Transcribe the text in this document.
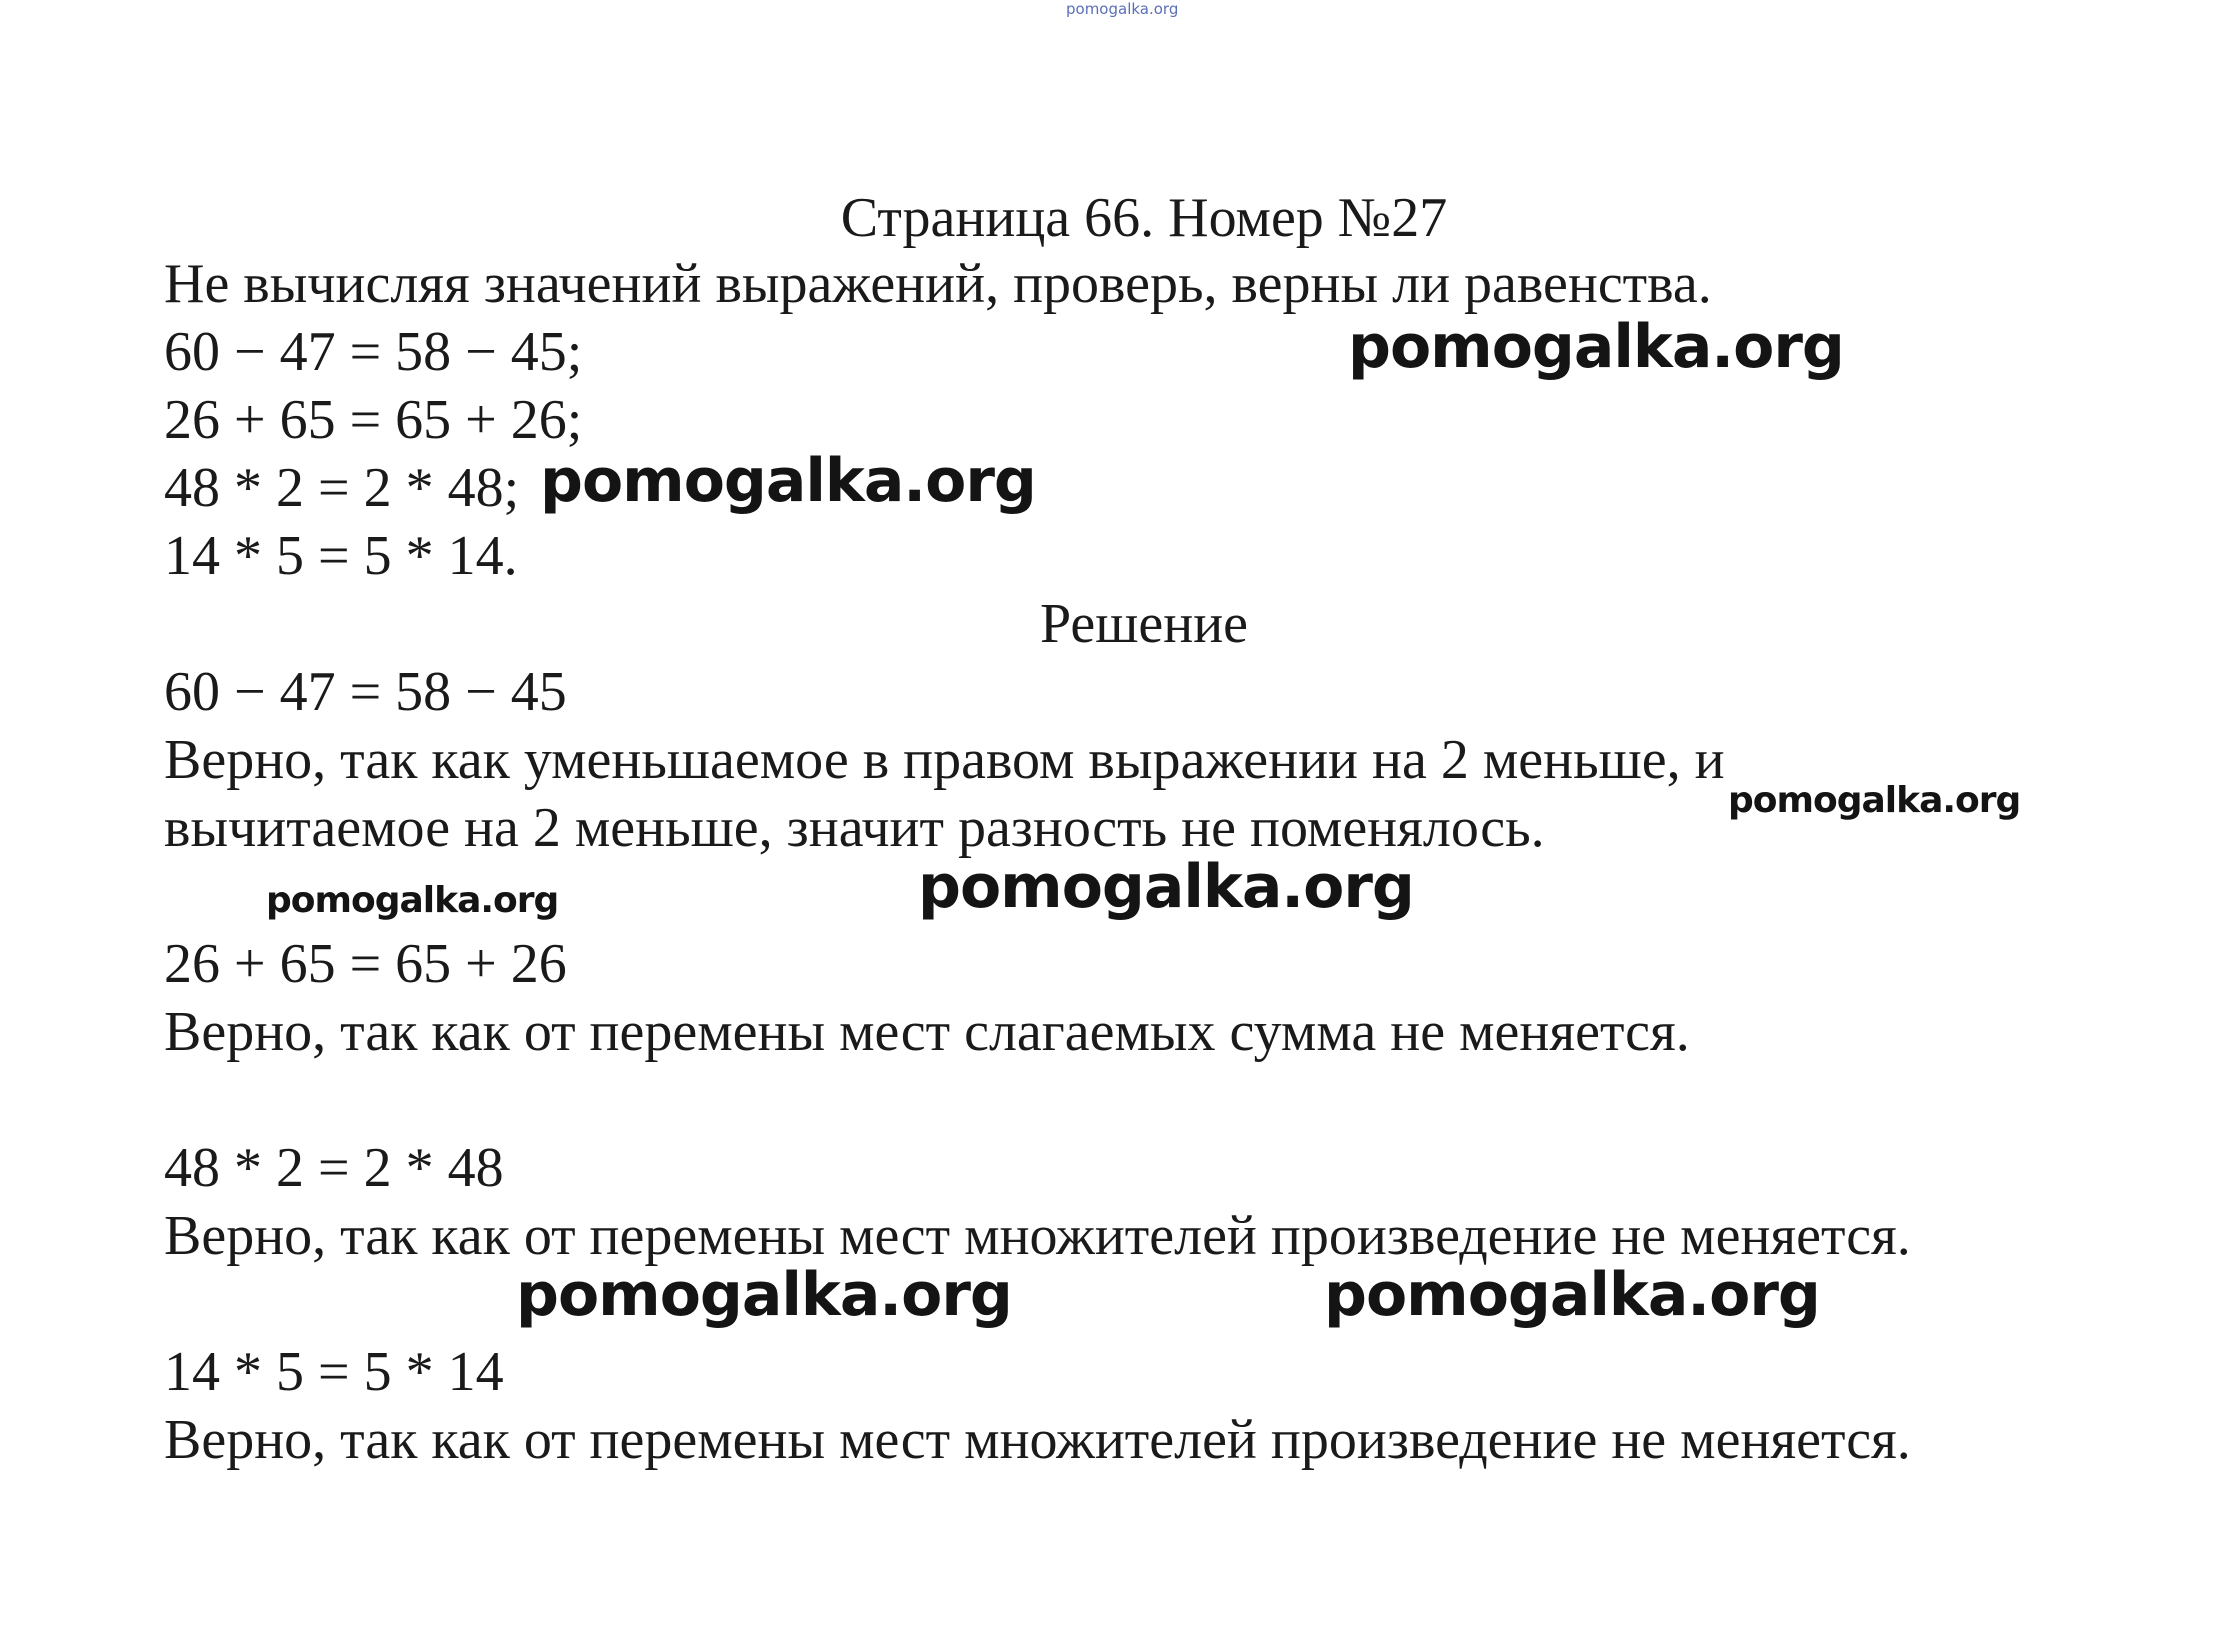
pomogalka.org
Страница 66. Номер №27
Не вычисляя значений выражений, проверь, верны ли равенства.
60 − 47 = 58 − 45;
26 + 65 = 65 + 26;
48 * 2 = 2 * 48;
14 * 5 = 5 * 14.
Решение
60 − 47 = 58 − 45
Верно, так как уменьшаемое в правом выражении на 2 меньше, и
вычитаемое на 2 меньше, значит разность не поменялось.
26 + 65 = 65 + 26
Верно, так как от перемены мест слагаемых сумма не меняется.
48 * 2 = 2 * 48
Верно, так как от перемены мест множителей произведение не меняется.
14 * 5 = 5 * 14
Верно, так как от перемены мест множителей произведение не меняется.
pomogalka.org
pomogalka.org
pomogalka.org
pomogalka.org
pomogalka.org
pomogalka.org	pomogalka.org
